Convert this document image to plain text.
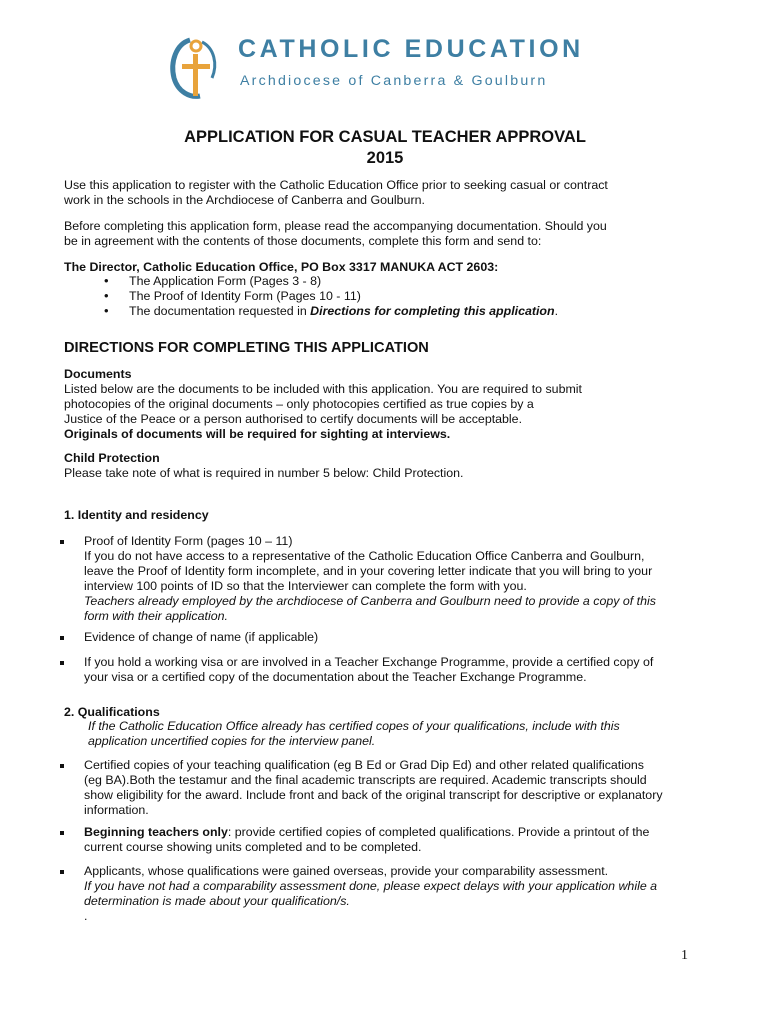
CATHOLIC EDUCATION
Archdiocese of Canberra & Goulburn
APPLICATION FOR CASUAL TEACHER APPROVAL
2015
Use this application to register with the Catholic Education Office prior to seeking casual or contract
work in the schools in the Archdiocese of Canberra and Goulburn.
Before completing this application form, please read the accompanying documentation. Should you
be in agreement with the contents of those documents, complete this form and send to:
The Director, Catholic Education Office, PO Box 3317 MANUKA ACT 2603:
• The Application Form (Pages 3 - 8)
• The Proof of Identity Form (Pages 10 - 11)
• The documentation requested in Directions for completing this application.
DIRECTIONS FOR COMPLETING THIS APPLICATION
Documents
Listed below are the documents to be included with this application. You are required to submit
photocopies of the original documents – only photocopies certified as true copies by a
Justice of the Peace or a person authorised to certify documents will be acceptable.
Originals of documents will be required for sighting at interviews.
Child Protection
Please take note of what is required in number 5 below: Child Protection.
1. Identity and residency
Proof of Identity Form (pages 10 – 11)
If you do not have access to a representative of the Catholic Education Office Canberra and Goulburn,
leave the Proof of Identity form incomplete, and in your covering letter indicate that you will bring to your
interview 100 points of ID so that the Interviewer can complete the form with you.
Teachers already employed by the archdiocese of Canberra and Goulburn need to provide a copy of this
form with their application.
Evidence of change of name (if applicable)
If you hold a working visa or are involved in a Teacher Exchange Programme, provide a certified copy of
your visa or a certified copy of the documentation about the Teacher Exchange Programme.
2. Qualifications
If the Catholic Education Office already has certified copes of your qualifications, include with this
application uncertified copies for the interview panel.
Certified copies of your teaching qualification (eg B Ed or Grad Dip Ed) and other related qualifications
(eg BA).Both the testamur and the final academic transcripts are required. Academic transcripts should
show eligibility for the award. Include front and back of the original transcript for descriptive or explanatory
information.
Beginning teachers only: provide certified copies of completed qualifications. Provide a printout of the
current course showing units completed and to be completed.
Applicants, whose qualifications were gained overseas, provide your comparability assessment.
If you have not had a comparability assessment done, please expect delays with your application while a
determination is made about your qualification/s.
.
1
